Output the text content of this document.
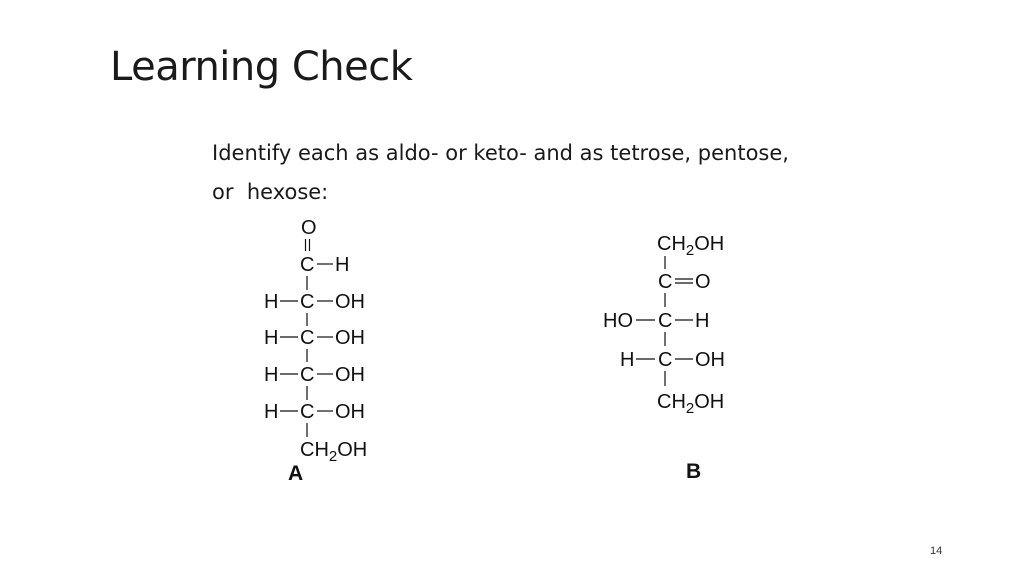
Learning Check
Identify each as aldo- or keto- and as tetrose, pentose,
or  hexose:
O
C H
H C OH
H C OH
H C OH
H C OH
$CH_2OH$
A
$CH_2OH$
C O
HO C H
H C OH
$CH_2OH$
B
14
